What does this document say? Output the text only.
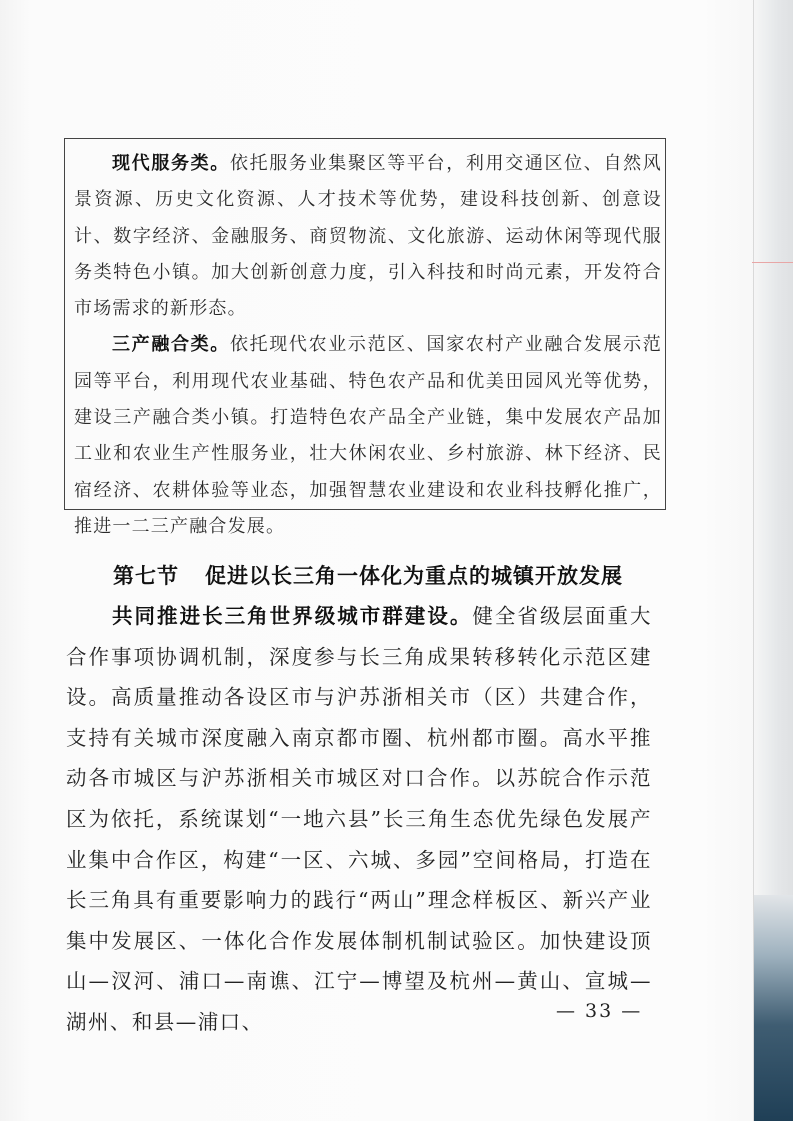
现代服务类。依托服务业集聚区等平台，利用交通区位、自然风景资源、历史文化资源、人才技术等优势，建设科技创新、创意设计、数字经济、金融服务、商贸物流、文化旅游、运动休闲等现代服务类特色小镇。加大创新创意力度，引入科技和时尚元素，开发符合市场需求的新形态。

三产融合类。依托现代农业示范区、国家农村产业融合发展示范园等平台，利用现代农业基础、特色农产品和优美田园风光等优势，建设三产融合类小镇。打造特色农产品全产业链，集中发展农产品加工业和农业生产性服务业，壮大休闲农业、乡村旅游、林下经济、民宿经济、农耕体验等业态，加强智慧农业建设和农业科技孵化推广，推进一二三产融合发展。

第七节 促进以长三角一体化为重点的城镇开放发展

共同推进长三角世界级城市群建设。健全省级层面重大合作事项协调机制，深度参与长三角成果转移转化示范区建设。高质量推动各设区市与沪苏浙相关市（区）共建合作，支持有关城市深度融入南京都市圈、杭州都市圈。高水平推动各市城区与沪苏浙相关市城区对口合作。以苏皖合作示范区为依托，系统谋划“一地六县”长三角生态优先绿色发展产业集中合作区，构建“一区、六城、多园”空间格局，打造在长三角具有重要影响力的践行“两山”理念样板区、新兴产业集中发展区、一体化合作发展体制机制试验区。加快建设顶山—汊河、浦口—南谯、江宁—博望及杭州—黄山、宣城—湖州、和县—浦口、	— 33 —
